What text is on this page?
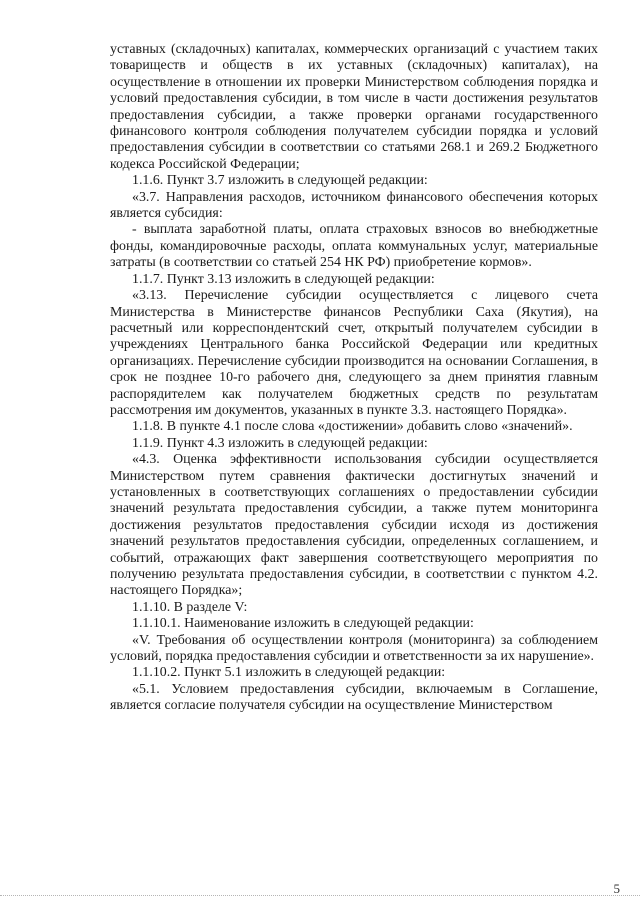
уставных (складочных) капиталах, коммерческих организаций с участием таких товариществ и обществ в их уставных (складочных) капиталах), на осуществление в отношении их проверки Министерством соблюдения порядка и условий предоставления субсидии, в том числе в части достижения результатов предоставления субсидии, а также проверки органами государственного финансового контроля соблюдения получателем субсидии порядка и условий предоставления субсидии в соответствии со статьями 268.1 и 269.2 Бюджетного кодекса Российской Федерации;

1.1.6. Пункт 3.7 изложить в следующей редакции:

«3.7. Направления расходов, источником финансового обеспечения которых является субсидия:

- выплата заработной платы, оплата страховых взносов во внебюджетные фонды, командировочные расходы, оплата коммунальных услуг, материальные затраты (в соответствии со статьей 254 НК РФ) приобретение кормов».

1.1.7. Пункт 3.13 изложить в следующей редакции:

«3.13. Перечисление субсидии осуществляется с лицевого счета Министерства в Министерстве финансов Республики Саха (Якутия), на расчетный или корреспондентский счет, открытый получателем субсидии в учреждениях Центрального банка Российской Федерации или кредитных организациях. Перечисление субсидии производится на основании Соглашения, в срок не позднее 10-го рабочего дня, следующего за днем принятия главным распорядителем как получателем бюджетных средств по результатам рассмотрения им документов, указанных в пункте 3.3. настоящего Порядка».

1.1.8. В пункте 4.1 после слова «достижении» добавить слово «значений».

1.1.9. Пункт 4.3 изложить в следующей редакции:

«4.3. Оценка эффективности использования субсидии осуществляется Министерством путем сравнения фактически достигнутых значений и установленных в соответствующих соглашениях о предоставлении субсидии значений результата предоставления субсидии, а также путем мониторинга достижения результатов предоставления субсидии исходя из достижения значений результатов предоставления субсидии, определенных соглашением, и событий, отражающих факт завершения соответствующего мероприятия по получению результата предоставления субсидии, в соответствии с пунктом 4.2. настоящего Порядка»;

1.1.10. В разделе V:

1.1.10.1. Наименование изложить в следующей редакции:

«V. Требования об осуществлении контроля (мониторинга) за соблюдением условий, порядка предоставления субсидии и ответственности за их нарушение».

1.1.10.2. Пункт 5.1 изложить в следующей редакции:

«5.1. Условием предоставления субсидии, включаемым в Соглашение, является согласие получателя субсидии на осуществление Министерством

5
